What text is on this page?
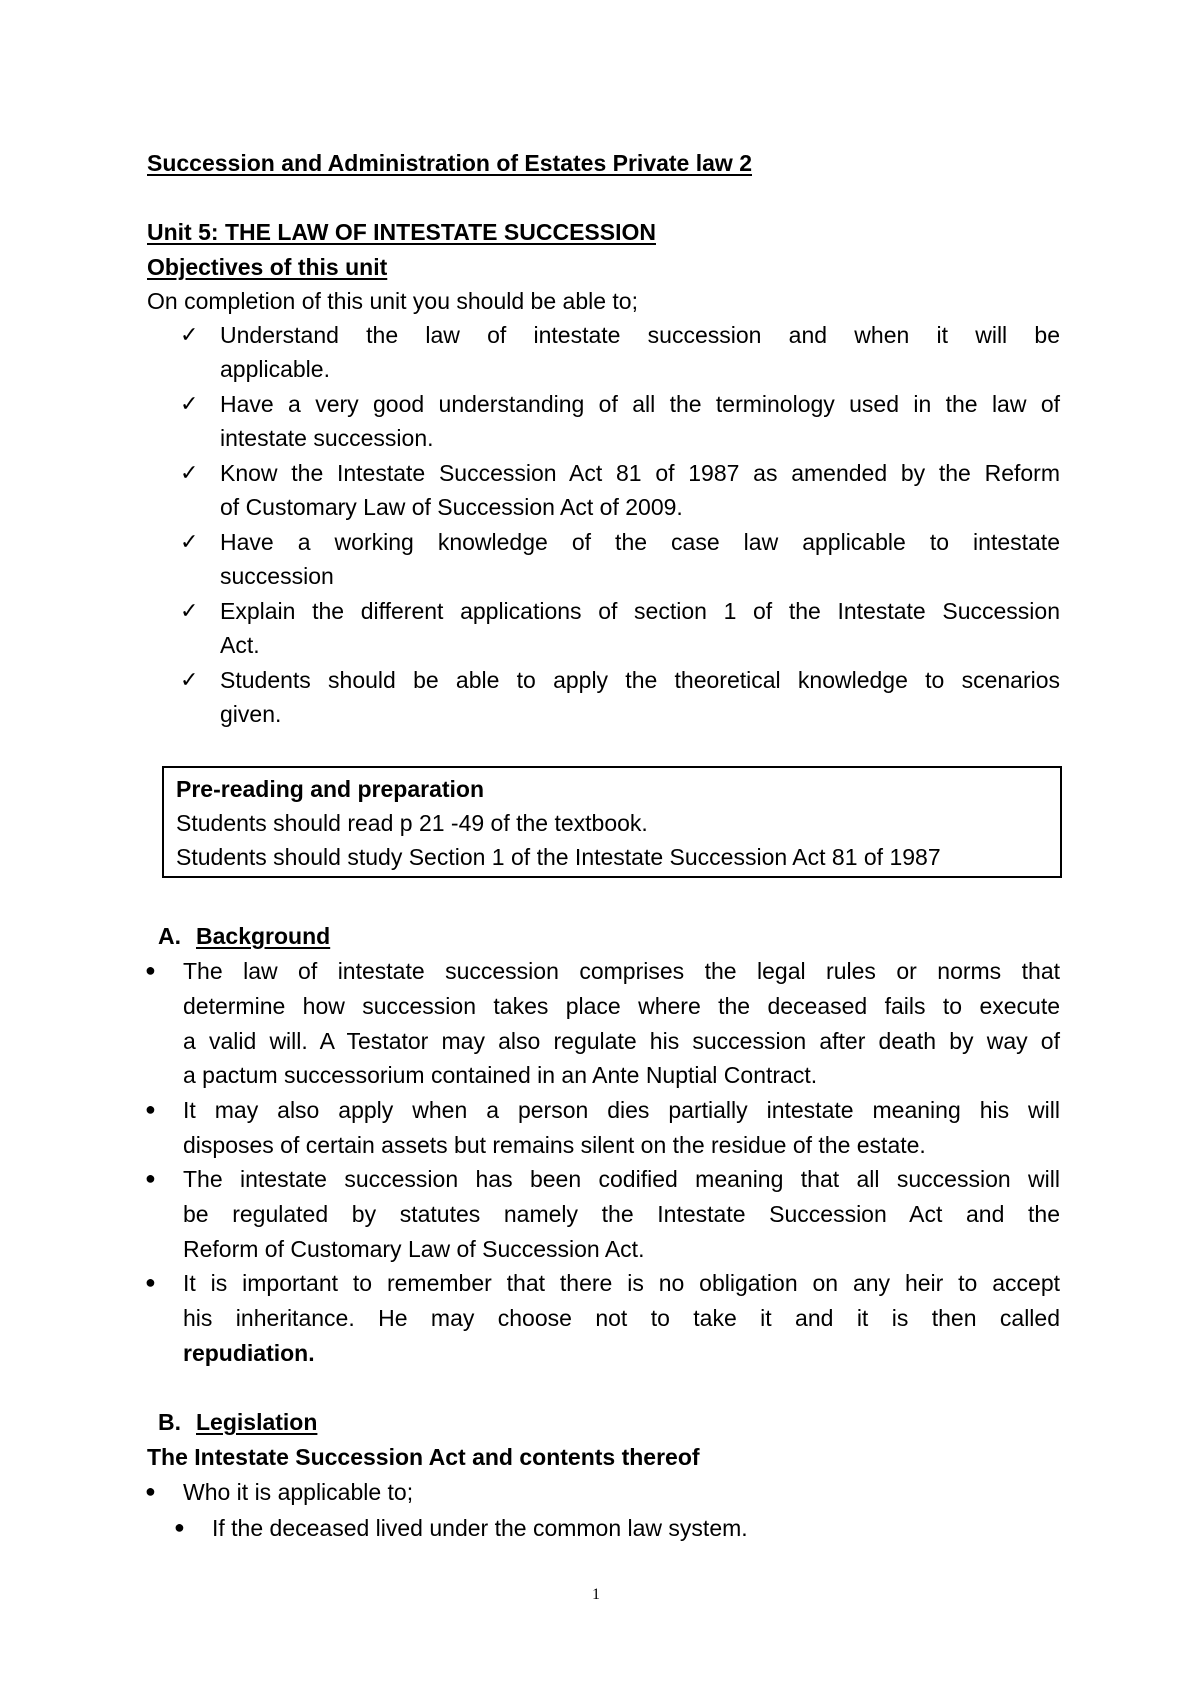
Succession and Administration of Estates Private law 2
Unit 5: THE LAW OF INTESTATE SUCCESSION
Objectives of this unit
On completion of this unit you should be able to;
✓ Understand the law of intestate succession and when it will be
applicable.
✓ Have a very good understanding of all the terminology used in the law of
intestate succession.
✓ Know the Intestate Succession Act 81 of 1987 as amended by the Reform
of Customary Law of Succession Act of 2009.
✓ Have a working knowledge of the case law applicable to intestate
succession
✓ Explain the different applications of section 1 of the Intestate Succession
Act.
✓ Students should be able to apply the theoretical knowledge to scenarios
given.
Pre-reading and preparation
Students should read p 21 -49 of the textbook.
Students should study Section 1 of the Intestate Succession Act 81 of 1987
A. Background
● The law of intestate succession comprises the legal rules or norms that
determine how succession takes place where the deceased fails to execute
a valid will. A Testator may also regulate his succession after death by way of
a pactum successorium contained in an Ante Nuptial Contract.
● It may also apply when a person dies partially intestate meaning his will
disposes of certain assets but remains silent on the residue of the estate.
● The intestate succession has been codified meaning that all succession will
be regulated by statutes namely the Intestate Succession Act and the
Reform of Customary Law of Succession Act.
● It is important to remember that there is no obligation on any heir to accept
his inheritance. He may choose not to take it and it is then called
repudiation.
B. Legislation
The Intestate Succession Act and contents thereof
● Who it is applicable to;
● If the deceased lived under the common law system.
1
